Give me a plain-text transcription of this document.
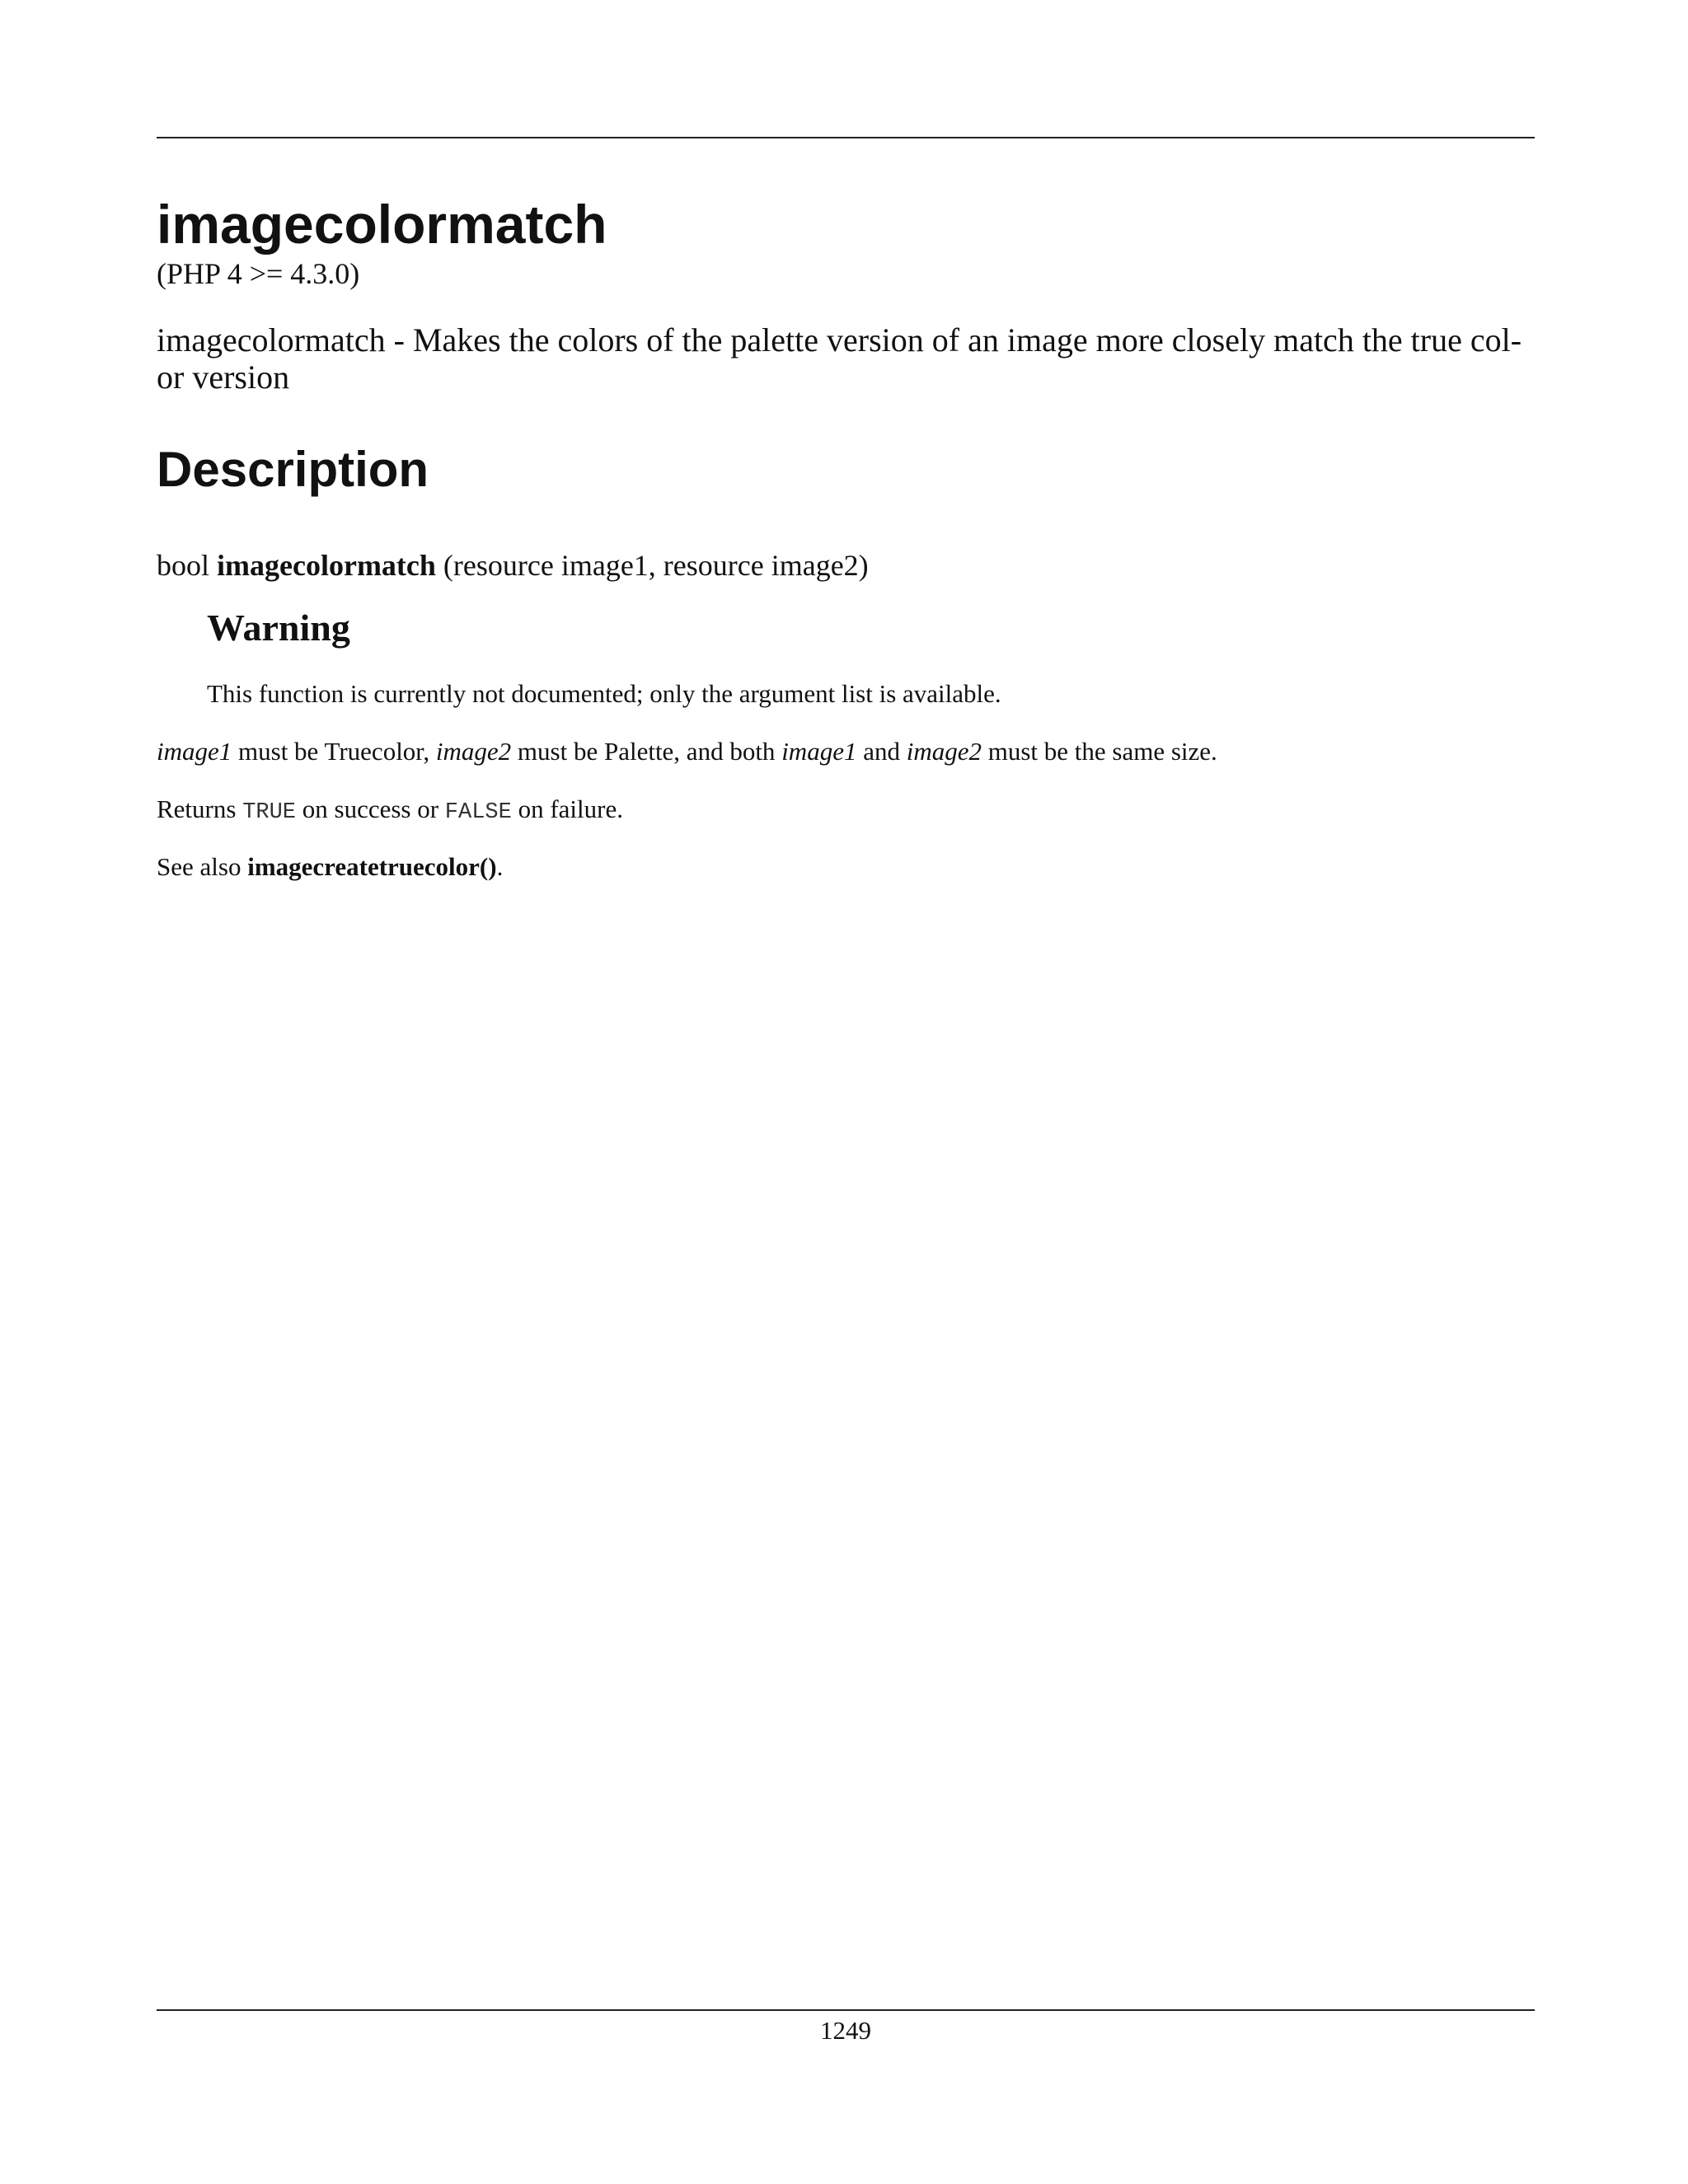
imagecolormatch
(PHP 4 >= 4.3.0)
imagecolormatch - Makes the colors of the palette version of an image more closely match the true col-
or version
Description
bool imagecolormatch (resource image1, resource image2)
Warning
This function is currently not documented; only the argument list is available.
image1 must be Truecolor, image2 must be Palette, and both image1 and image2 must be the same size.
Returns TRUE on success or FALSE on failure.
See also imagecreatetruecolor().
1249
